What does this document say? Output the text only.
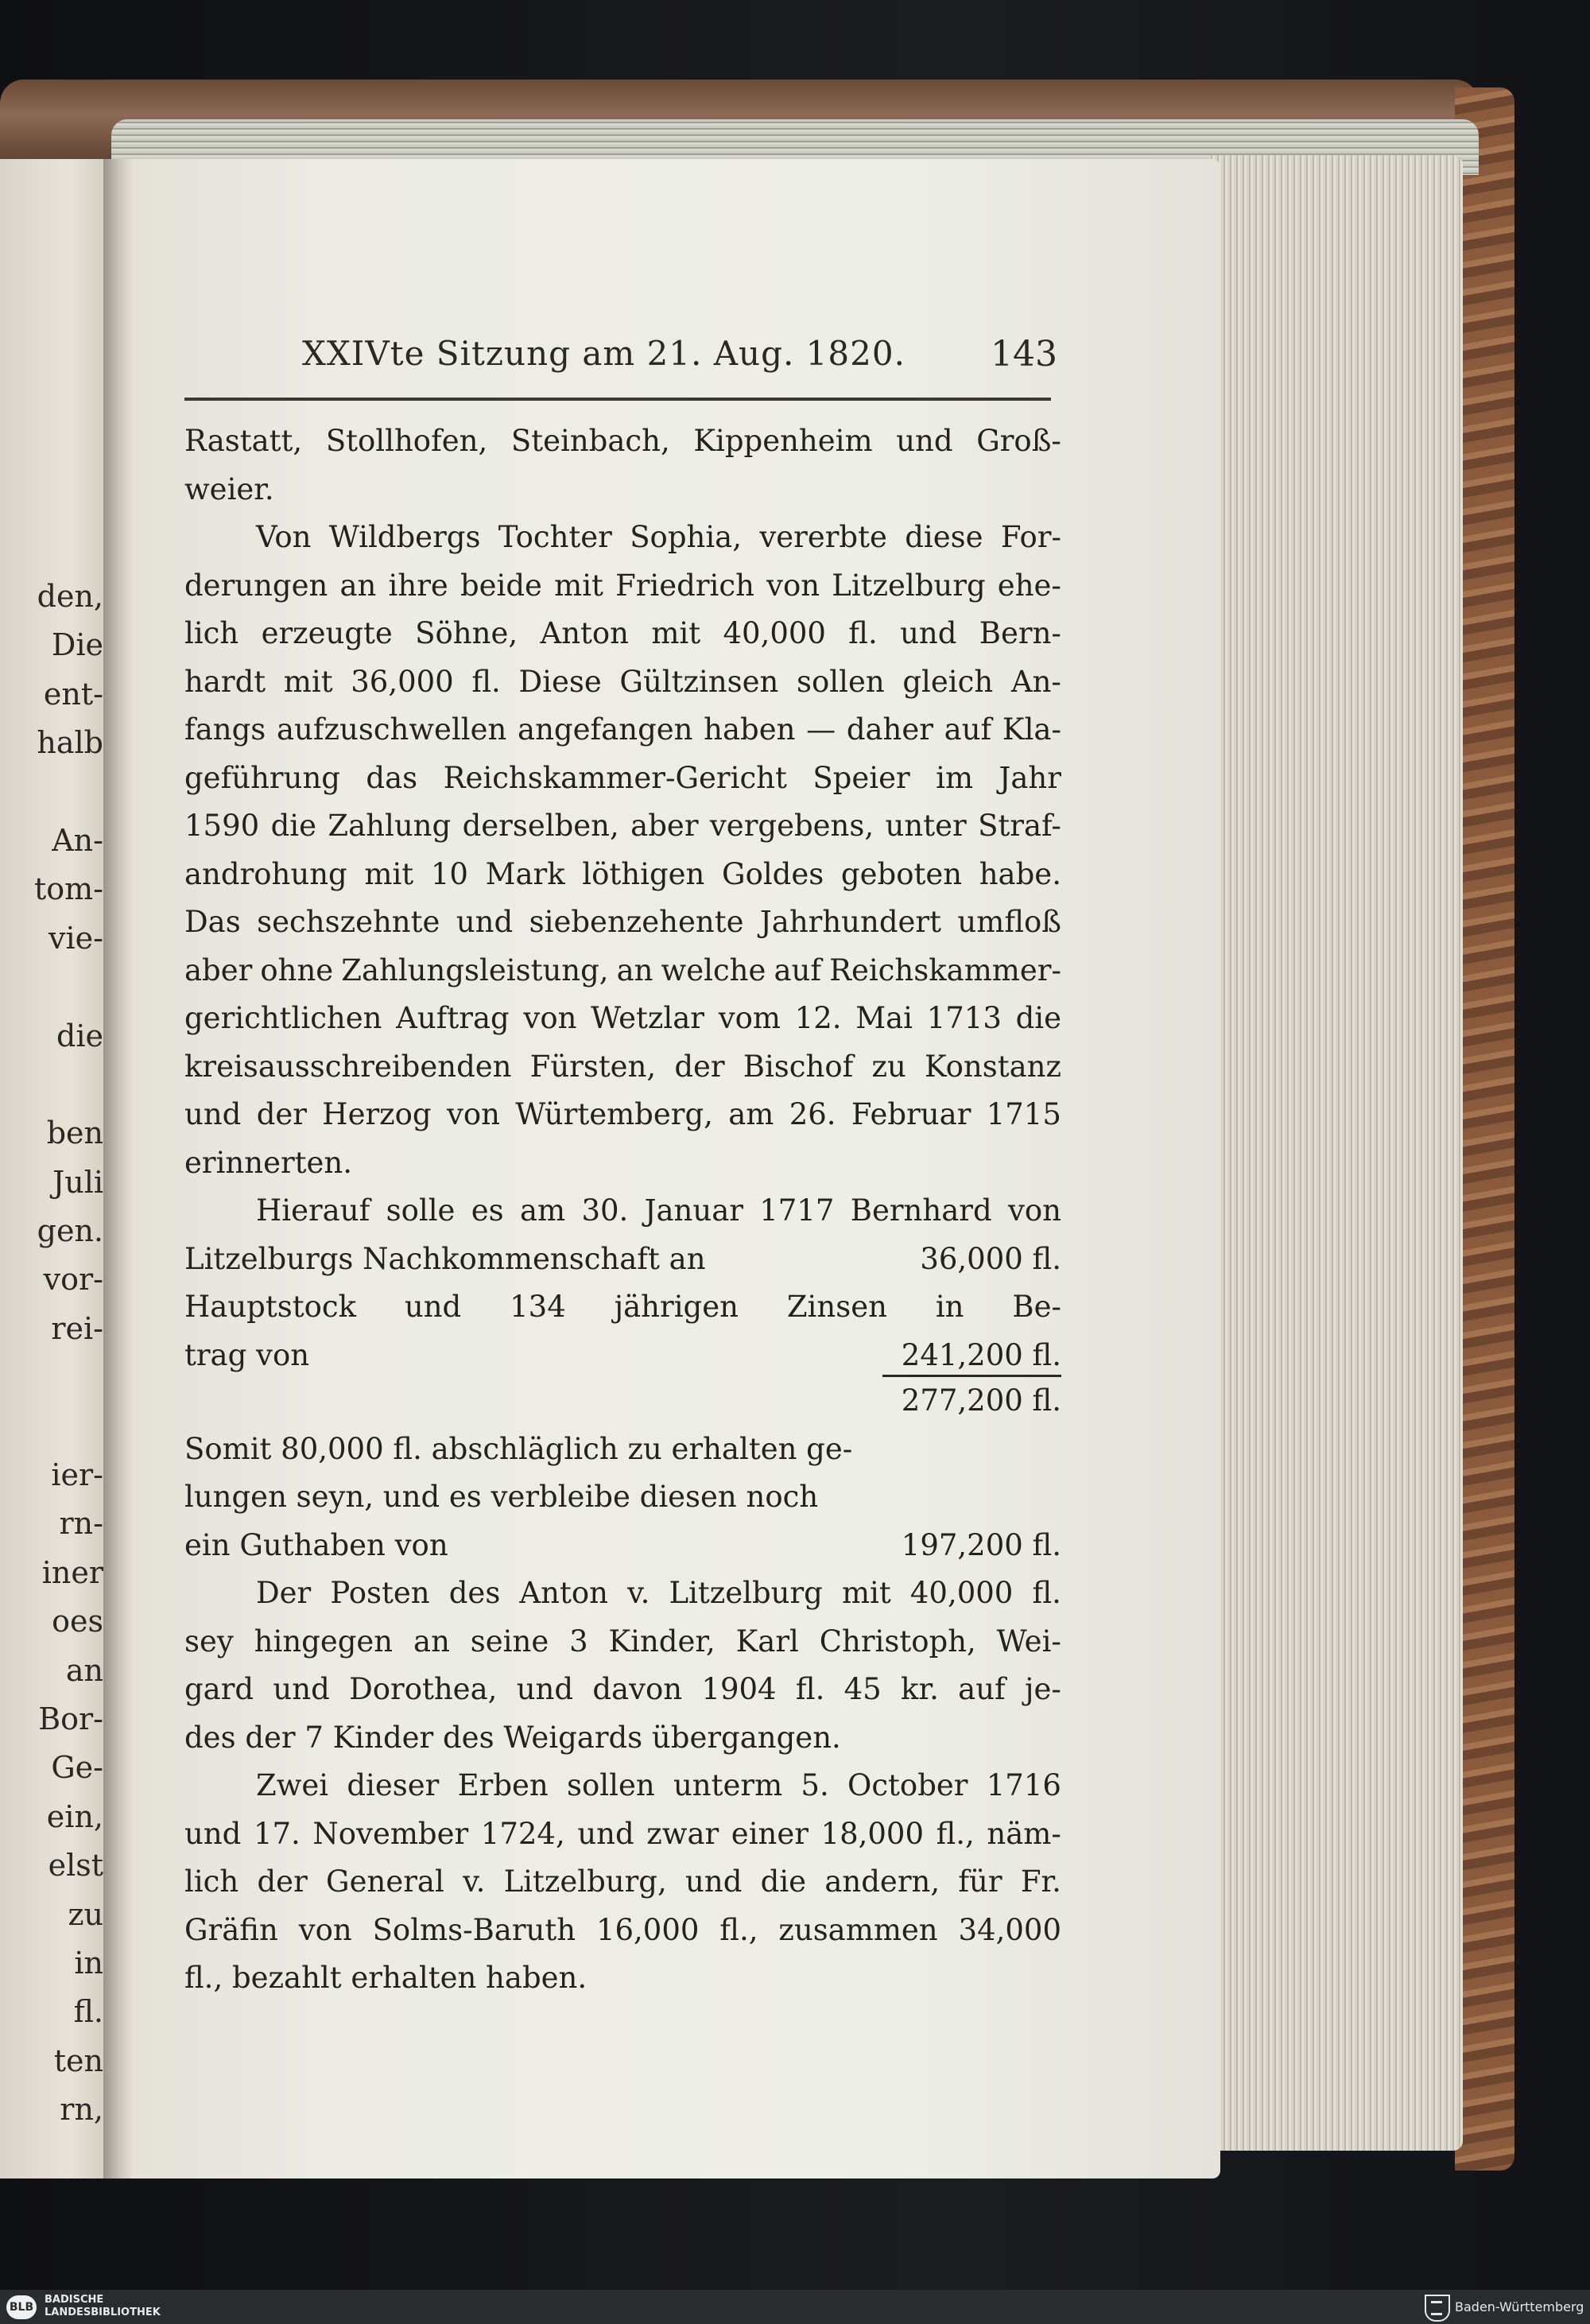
den,
Die
ent-
halb
An-
tom-
vie-
die
ben
Juli
gen.
vor-
rei-
ier-
rn-
iner
oes
an
Bor-
Ge-
ein,
elst
zu
in
fl.
ten
rn,
XXIVte Sitzung am 21. Aug. 1820. 143
Rastatt, Stollhofen, Steinbach, Kippenheim und Groß-
weier.
Von Wildbergs Tochter Sophia, vererbte diese For-
derungen an ihre beide mit Friedrich von Litzelburg ehe-
lich erzeugte Söhne, Anton mit 40,000 fl. und Bern-
hardt mit 36,000 fl. Diese Gültzinsen sollen gleich An-
fangs aufzuschwellen angefangen haben — daher auf Kla-
geführung das Reichskammer-Gericht Speier im Jahr
1590 die Zahlung derselben, aber vergebens, unter Straf-
androhung mit 10 Mark löthigen Goldes geboten habe.
Das sechszehnte und siebenzehente Jahrhundert umfloß
aber ohne Zahlungsleistung, an welche auf Reichskammer-
gerichtlichen Auftrag von Wetzlar vom 12. Mai 1713 die
kreisausschreibenden Fürsten, der Bischof zu Konstanz
und der Herzog von Würtemberg, am 26. Februar 1715
erinnerten.
Hierauf solle es am 30. Januar 1717 Bernhard von
Litzelburgs Nachkommenschaft an	36,000 fl.
Hauptstock und 134 jährigen Zinsen in Be-
trag von	241,200 fl.
277,200 fl.
Somit 80,000 fl. abschläglich zu erhalten ge-
lungen seyn, und es verbleibe diesen noch
ein Guthaben von	197,200 fl.
Der Posten des Anton v. Litzelburg mit 40,000 fl.
sey hingegen an seine 3 Kinder, Karl Christoph, Wei-
gard und Dorothea, und davon 1904 fl. 45 kr. auf je-
des der 7 Kinder des Weigards übergangen.
Zwei dieser Erben sollen unterm 5. October 1716
und 17. November 1724, und zwar einer 18,000 fl., näm-
lich der General v. Litzelburg, und die andern, für Fr.
Gräfin von Solms-Baruth 16,000 fl., zusammen 34,000
fl., bezahlt erhalten haben.
BLB
BADISCHE
LANDESBIBLIOTHEK	Baden-Württemberg
